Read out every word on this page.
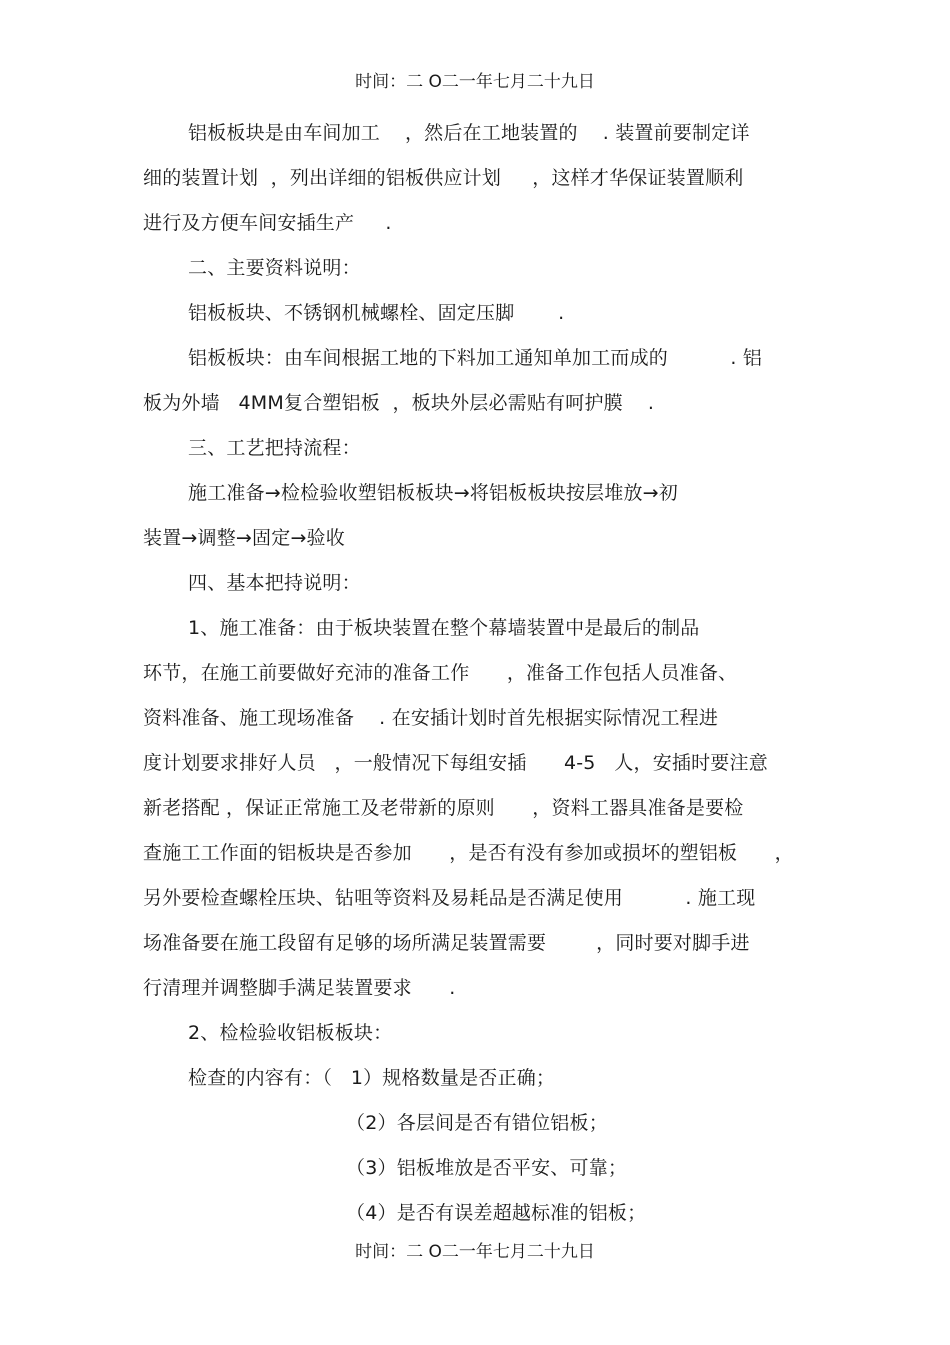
时间：二 O二一年七月二十九日
铝板板块是由车间加工    ，然后在工地装置的    . 装置前要制定详
细的装置计划  ，列出详细的铝板供应计划     ，这样才华保证装置顺利
进行及方便车间安插生产     .
二、主要资料说明：
铝板板块、不锈钢机械螺栓、固定压脚       .
铝板板块：由车间根据工地的下料加工通知单加工而成的          . 铝
板为外墙   4MM复合塑铝板  ，板块外层必需贴有呵护膜    .
三、工艺把持流程：
施工准备→检检验收塑铝板板块→将铝板板块按层堆放→初
装置→调整→固定→验收
四、基本把持说明：
1、施工准备：由于板块装置在整个幕墙装置中是最后的制品
环节，在施工前要做好充沛的准备工作      ，准备工作包括人员准备、
资料准备、施工现场准备    . 在安插计划时首先根据实际情况工程进
度计划要求排好人员   ，一般情况下每组安插      4-5   人，安插时要注意
新老搭配 ，保证正常施工及老带新的原则      ，资料工器具准备是要检
查施工工作面的铝板块是否参加      ，是否有没有参加或损坏的塑铝板      ，
另外要检查螺栓压块、钻咀等资料及易耗品是否满足使用          . 施工现
场准备要在施工段留有足够的场所满足装置需要        ，同时要对脚手进
行清理并调整脚手满足装置要求      .
2、检检验收铝板板块：
检查的内容有：（   1）规格数量是否正确；
（2）各层间是否有错位铝板；
（3）铝板堆放是否平安、可靠；
（4）是否有误差超越标准的铝板；
时间：二 O二一年七月二十九日
